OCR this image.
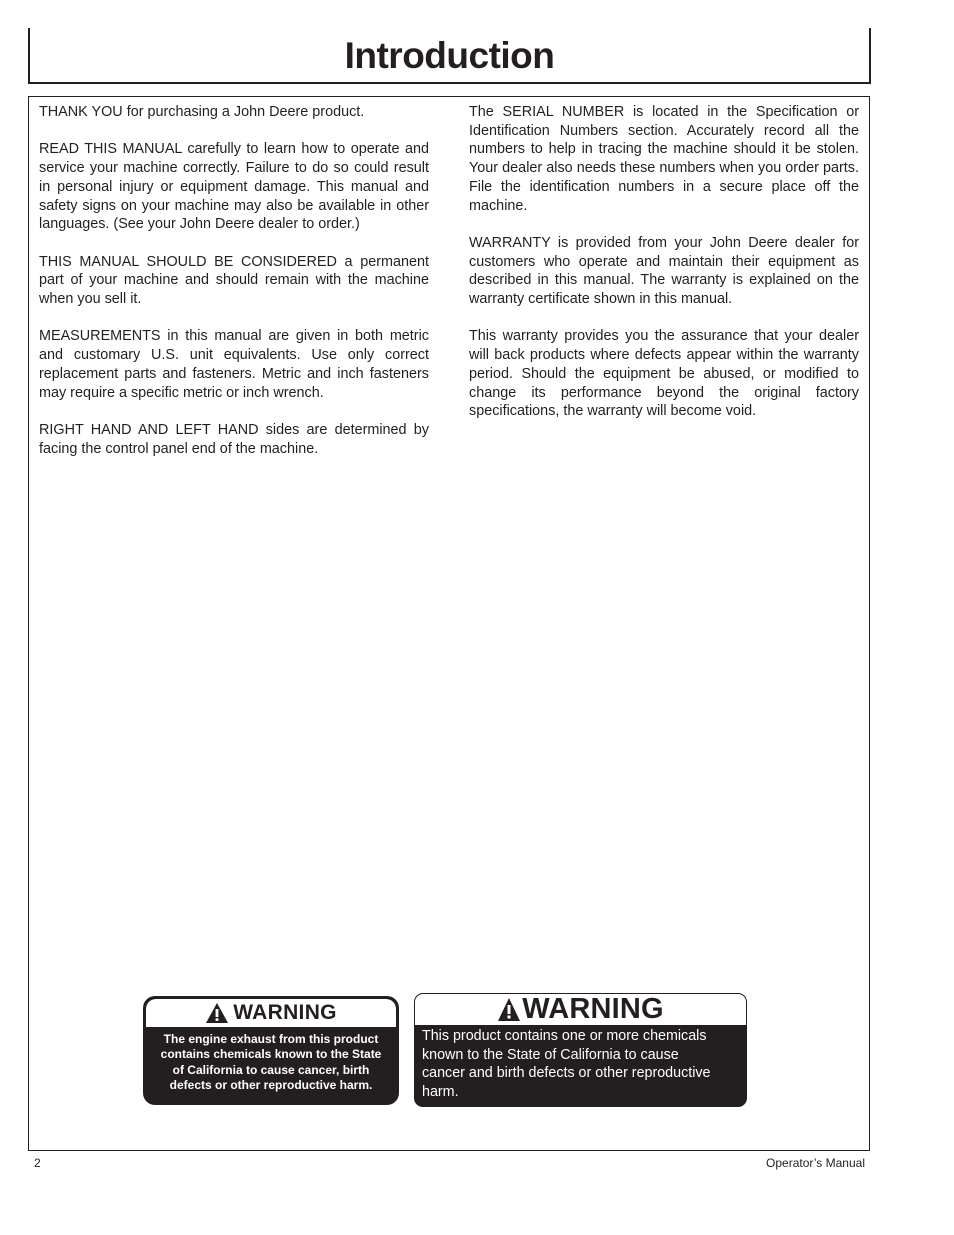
Introduction

THANK YOU for purchasing a John Deere product.

READ THIS MANUAL carefully to learn how to operate and service your machine correctly. Failure to do so could result in personal injury or equipment damage. This manual and safety signs on your machine may also be available in other languages. (See your John Deere dealer to order.)

THIS MANUAL SHOULD BE CONSIDERED a permanent part of your machine and should remain with the machine when you sell it.

MEASUREMENTS in this manual are given in both metric and customary U.S. unit equivalents. Use only correct replacement parts and fasteners. Metric and inch fasteners may require a specific metric or inch wrench.

RIGHT HAND AND LEFT HAND sides are determined by facing the control panel end of the machine.

The SERIAL NUMBER is located in the Specification or Identification Numbers section. Accurately record all the numbers to help in tracing the machine should it be stolen. Your dealer also needs these numbers when you order parts. File the identification numbers in a secure place off the machine.

WARRANTY is provided from your John Deere dealer for customers who operate and maintain their equipment as described in this manual. The warranty is explained on the warranty certificate shown in this manual.

This warranty provides you the assurance that your dealer will back products where defects appear within the warranty period. Should the equipment be abused, or modified to change its performance beyond the original factory specifications, the warranty will become void.

WARNING
The engine exhaust from this product
contains chemicals known to the State
of California to cause cancer, birth
defects or other reproductive harm.
WARNING
This product contains one or more chemicals
known to the State of California to cause
cancer and birth defects or other reproductive
harm.
2	Operator’s Manual
